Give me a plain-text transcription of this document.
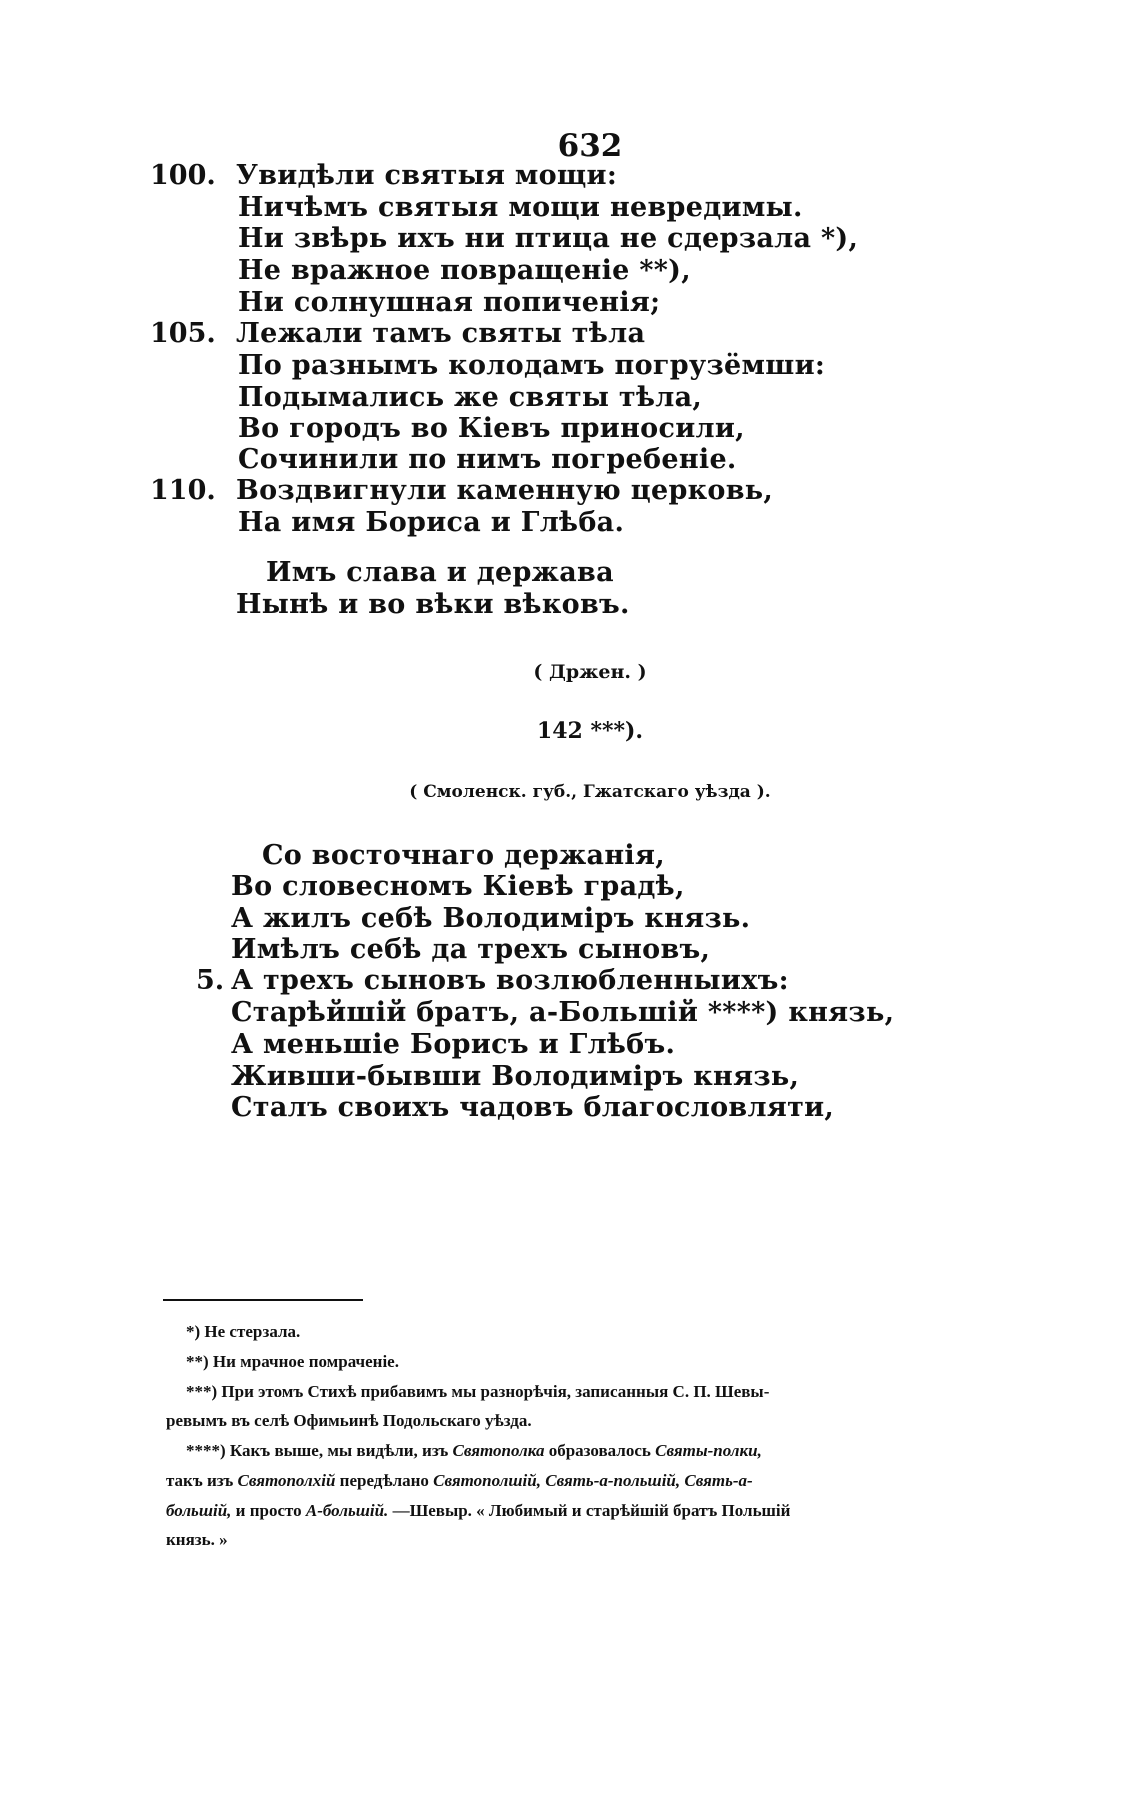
632
100.
105.
110.
Увидѣли святыя мощи:
Ничѣмъ святыя мощи невредимы.
Ни звѣрь ихъ ни птица не сдерзала *),
Не вражное повращеніе **),
Ни солнушная попиченія;
Лежали тамъ святы тѣла
По разнымъ колодамъ погрузёмши:
Подымались же святы тѣла,
Во городъ во Кіевъ приносили,
Сочинили по нимъ погребеніе.
Воздвигнули каменную церковь,
На имя Бориса и Глѣба.
Имъ слава и держава
Нынѣ и во вѣки вѣковъ.
( Држен. )
142 ***).
( Смоленск. губ., Гжатскаго уѣзда ).
5.
Со восточнаго держанія,
Во словесномъ Кіевѣ градѣ,
А жилъ себѣ Володимiръ князь.
Имѣлъ себѣ да трехъ сыновъ,
А трехъ сыновъ возлюбленныихъ:
Старѣйшій братъ, а-Большій ****) князь,
А меньшіе Борисъ и Глѣбъ.
Живши-бывши Володимiръ князь,
Сталъ своихъ чадовъ благословляти,
*) Не стерзала.
**) Ни мрачное помраченіе.
***) При этомъ Стихѣ прибавимъ мы разнорѣчія, записанныя С. П. Шевы-
ревымъ въ селѣ Офимьинѣ Подольскаго уѣзда.
****) Какъ выше, мы видѣли, изъ Святополка образовалось Святы-полки,
такъ изъ Святополхій передѣлано Святополшій, Свять-а-польшій, Свять-а-
большій, и просто А-большій. —Шевыр. « Любимый и старѣйшій братъ Польшій
князь. »
